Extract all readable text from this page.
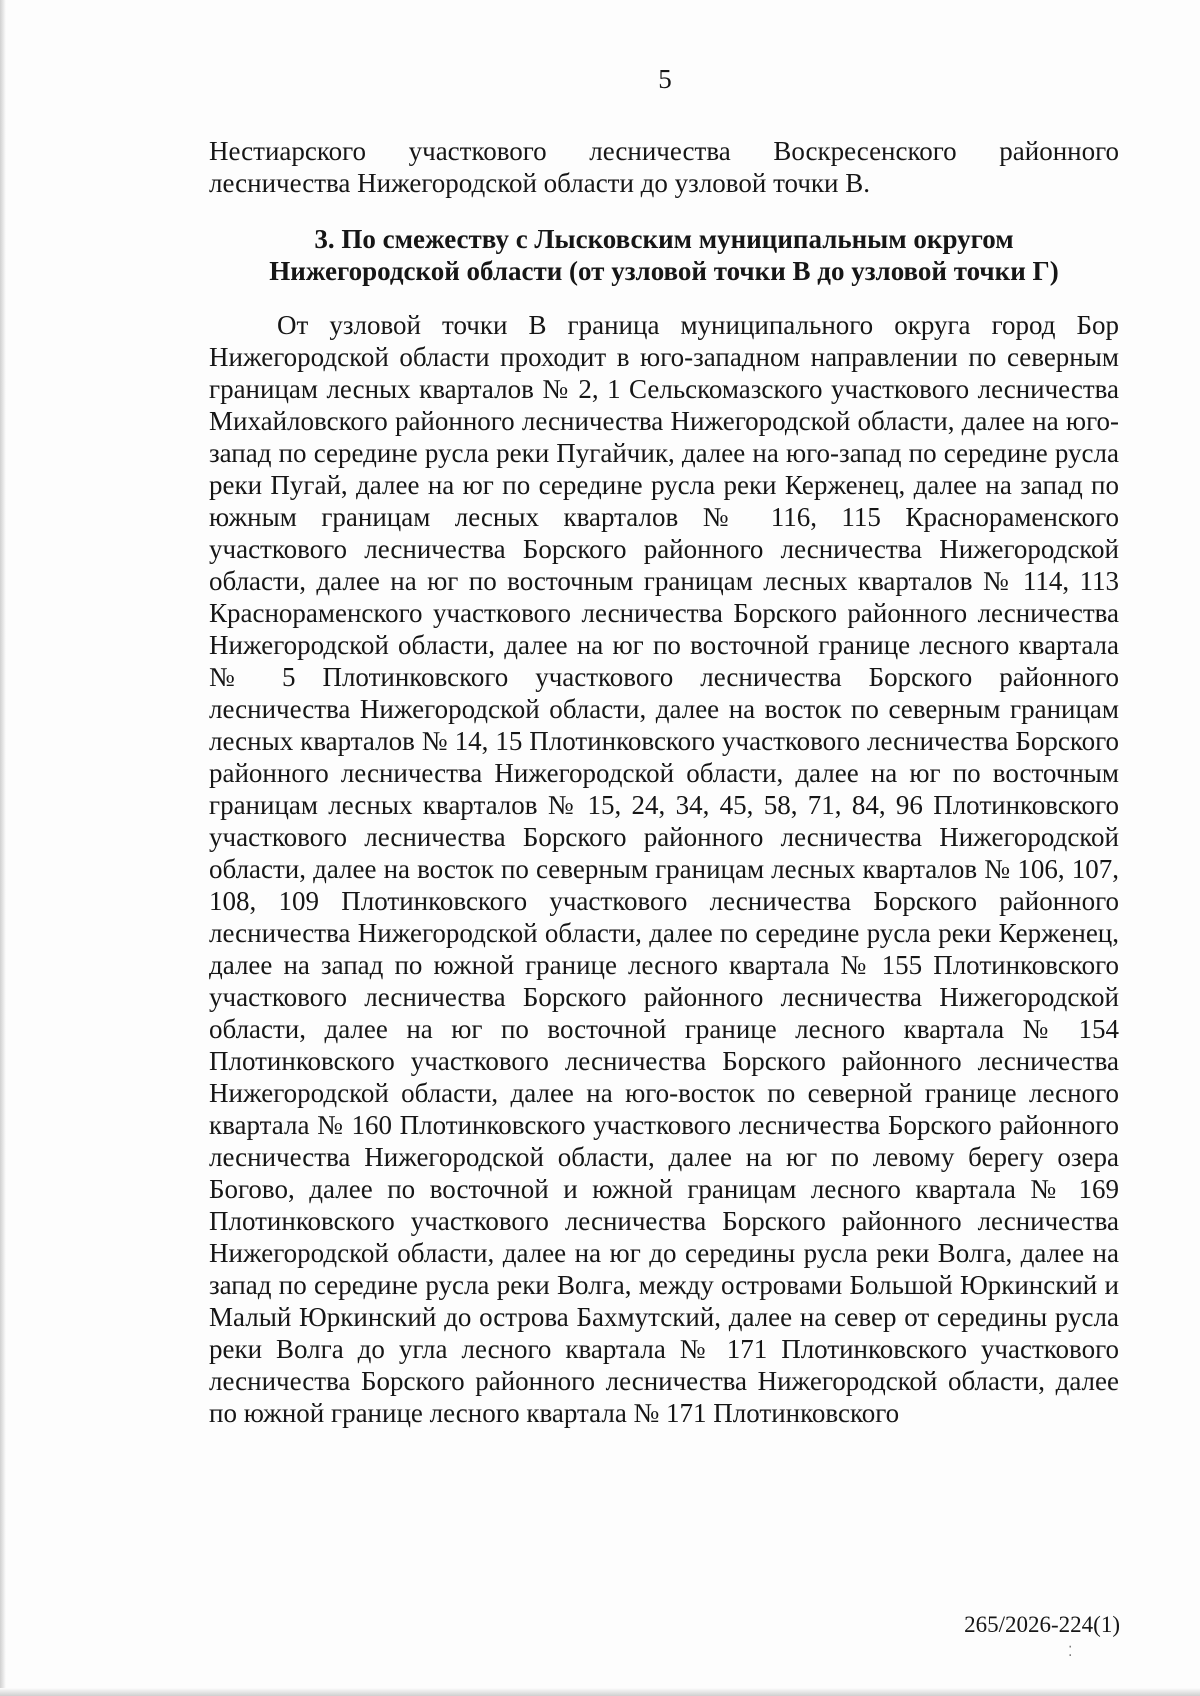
5

Нестиарского участкового лесничества Воскресенского районного лесничества Нижегородской области до узловой точки В.

3. По смежеству с Лысковским муниципальным округом
Нижегородской области (от узловой точки В до узловой точки Г)

От узловой точки В граница муниципального округа город Бор Нижегородской области проходит в юго-западном направлении по северным границам лесных кварталов № 2, 1 Сельскомазского участкового лесничества Михайловского районного лесничества Нижегородской области, далее на юго-запад по середине русла реки Пугайчик, далее на юго-запад по середине русла реки Пугай, далее на юг по середине русла реки Керженец, далее на запад по южным границам лесных кварталов № 116, 115 Краснораменского участкового лесничества Борского районного лесничества Нижегородской области, далее на юг по восточным границам лесных кварталов № 114, 113 Краснораменского участкового лесничества Борского районного лесничества Нижегородской области, далее на юг по восточной границе лесного квартала № 5 Плотинковского участкового лесничества Борского районного лесничества Нижегородской области, далее на восток по северным границам лесных кварталов № 14, 15 Плотинковского участкового лесничества Борского районного лесничества Нижегородской области, далее на юг по восточным границам лесных кварталов № 15, 24, 34, 45, 58, 71, 84, 96 Плотинковского участкового лесничества Борского районного лесничества Нижегородской области, далее на восток по северным границам лесных кварталов № 106, 107, 108, 109 Плотинковского участкового лесничества Борского районного лесничества Нижегородской области, далее по середине русла реки Керженец, далее на запад по южной границе лесного квартала № 155 Плотинковского участкового лесничества Борского районного лесничества Нижегородской области, далее на юг по восточной границе лесного квартала № 154 Плотинковского участкового лесничества Борского районного лесничества Нижегородской области, далее на юго-восток по северной границе лесного квартала № 160 Плотинковского участкового лесничества Борского районного лесничества Нижегородской области, далее на юг по левому берегу озера Богово, далее по восточной и южной границам лесного квартала № 169 Плотинковского участкового лесничества Борского районного лесничества Нижегородской области, далее на юг до середины русла реки Волга, далее на запад по середине русла реки Волга, между островами Большой Юркинский и Малый Юркинский до острова Бахмутский, далее на север от середины русла реки Волга до угла лесного квартала № 171 Плотинковского участкового лесничества Борского районного лесничества Нижегородской области, далее по южной границе лесного квартала № 171 Плотинковского

265/2026-224(1)
⁚
